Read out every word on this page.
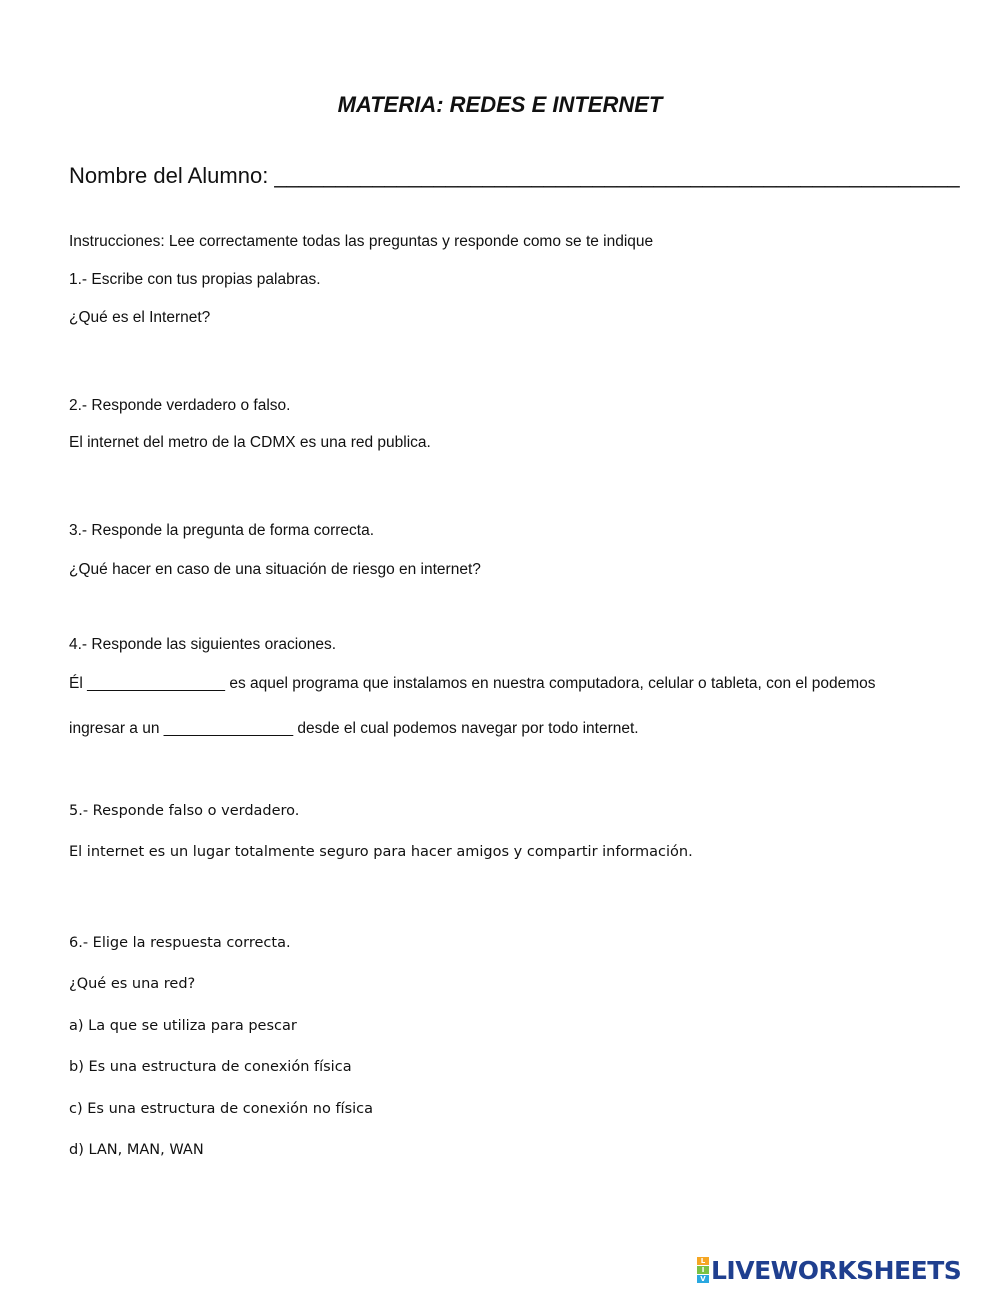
MATERIA: REDES E INTERNET
Nombre del Alumno: ________________________________________________________
Instrucciones: Lee correctamente todas las preguntas y responde como se te indique
1.- Escribe con tus propias palabras.
¿Qué es el Internet?
2.- Responde verdadero o falso.
El internet del metro de la CDMX es una red publica.
3.- Responde la pregunta de forma correcta.
¿Qué hacer en caso de una situación de riesgo en internet?
4.- Responde las siguientes oraciones.
Él ________________ es aquel programa que instalamos en nuestra computadora, celular o tableta, con el podemos
ingresar a un _______________ desde el cual podemos navegar por todo internet.
5.- Responde falso o verdadero.
El internet es un lugar totalmente seguro para hacer amigos y compartir información.
6.- Elige la respuesta correcta.
¿Qué es una red?
a) La que se utiliza para pescar
b) Es una estructura de conexión física
c) Es una estructura de conexión no física
d) LAN, MAN, WAN
L
I
V LIVEWORKSHEETS
